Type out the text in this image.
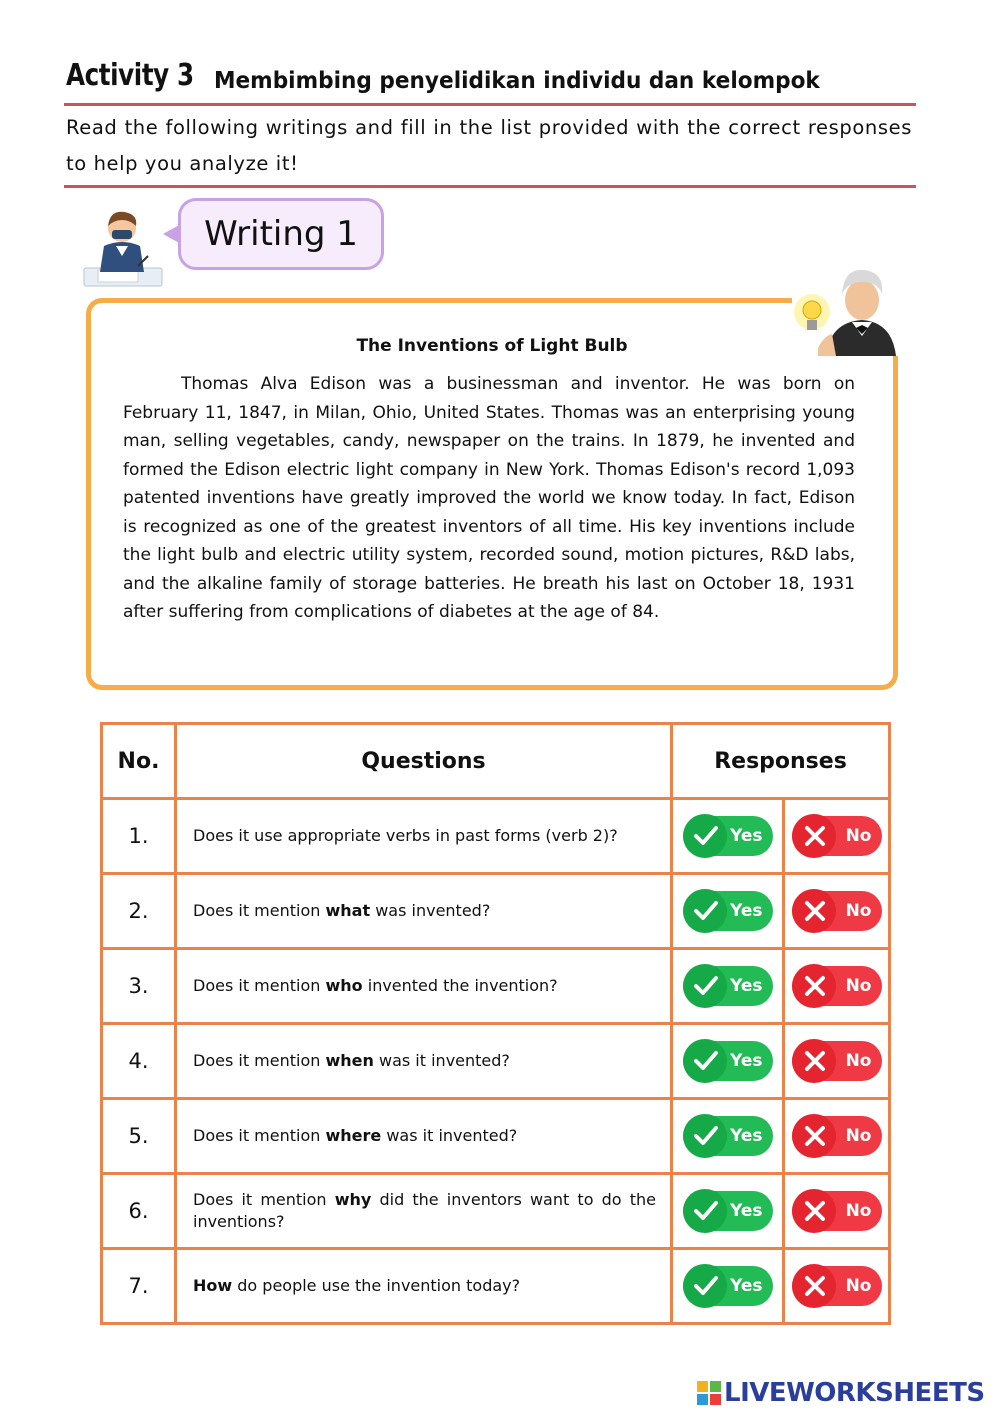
Activity 3 Membimbing penyelidikan individu dan kelompok
Read the following writings and fill in the list provided with the correct responses to help you analyze it!
Writing 1
The Inventions of Light Bulb

Thomas Alva Edison was a businessman and inventor. He was born on February 11, 1847, in Milan, Ohio, United States. Thomas was an enterprising young man, selling vegetables, candy, newspaper on the trains. In 1879, he invented and formed the Edison electric light company in New York. Thomas Edison's record 1,093 patented inventions have greatly improved the world we know today. In fact, Edison is recognized as one of the greatest inventors of all time. His key inventions include the light bulb and electric utility system, recorded sound, motion pictures, R&D labs, and the alkaline family of storage batteries. He breath his last on October 18, 1931 after suffering from complications of diabetes at the age of 84.

No.	Questions	Responses	
1.	Does it use appropriate verbs in past forms (verb 2)?	Yes	No

2.	Does it mention what was invented?	Yes	No

3.	Does it mention who invented the invention?	Yes	No

4.	Does it mention when was it invented?	Yes	No

5.	Does it mention where was it invented?	Yes	No

6.	Does it mention why did the inventors want to do the inventions?	Yes	No

7.	How do people use the invention today?	Yes	No
LIVEWORKSHEETS
